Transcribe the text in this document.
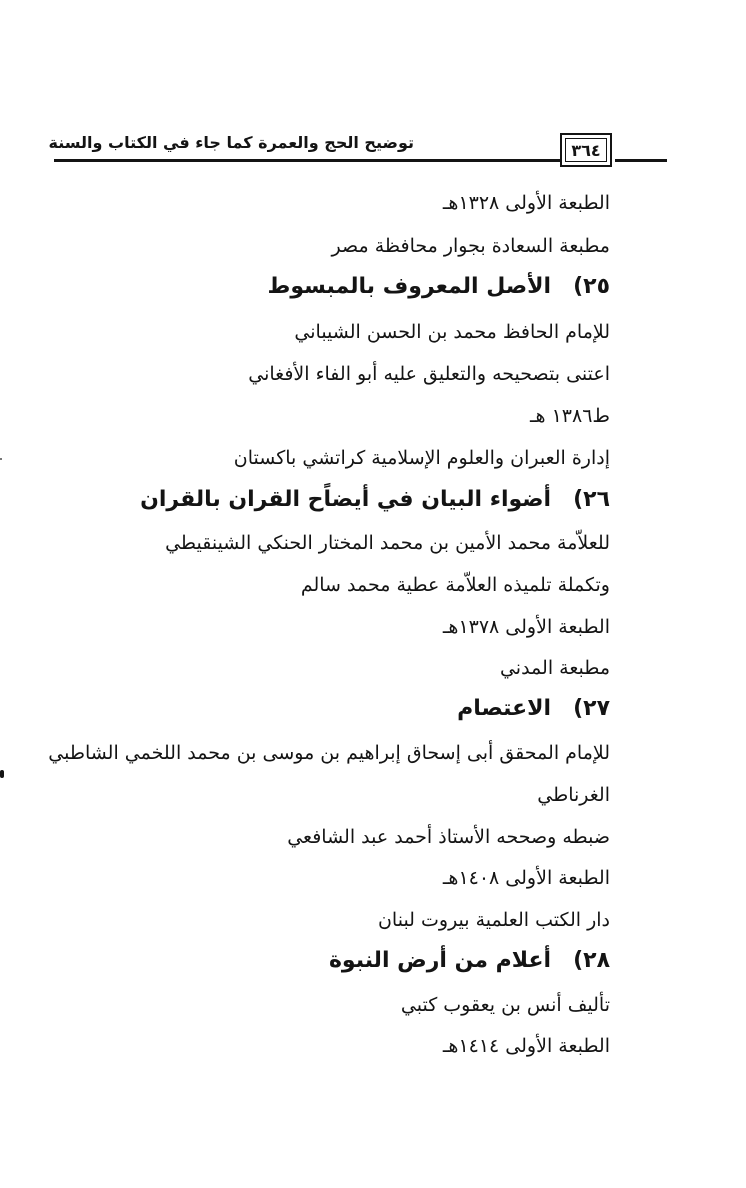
٣٦٤
توضيح الحج والعمرة كما جاء في الكتاب والسنة
الطبعة الأولى ١٣٢٨هـ
مطبعة السعادة بجوار محافظة مصر
٢٥)الأصل المعروف بالمبسوط
للإمام الحافظ محمد بن الحسن الشيباني
اعتنى بتصحيحه والتعليق عليه أبو الفاء الأفغاني
ط١٣٨٦ هـ
إدارة العبران والعلوم الإسلامية كراتشي باكستان
٢٦)أضواء البيان في أيضاًح القران بالقران
للعلاّمة محمد الأمين بن محمد المختار الحنكي الشينقيطي
وتكملة تلميذه العلاّمة عطية محمد سالم
الطبعة الأولى ١٣٧٨هـ
مطبعة المدني
٢٧)الاعتصام
للإمام المحقق أبى إسحاق إبراهيم بن موسى بن محمد اللخمي الشاطبي
الغرناطي
ضبطه وصححه الأستاذ أحمد عبد الشافعي
الطبعة الأولى ١٤٠٨هـ
دار الكتب العلمية بيروت لبنان
٢٨)أعلام من أرض النبوة
تأليف أنس بن يعقوب كتبي
الطبعة الأولى ١٤١٤هـ
